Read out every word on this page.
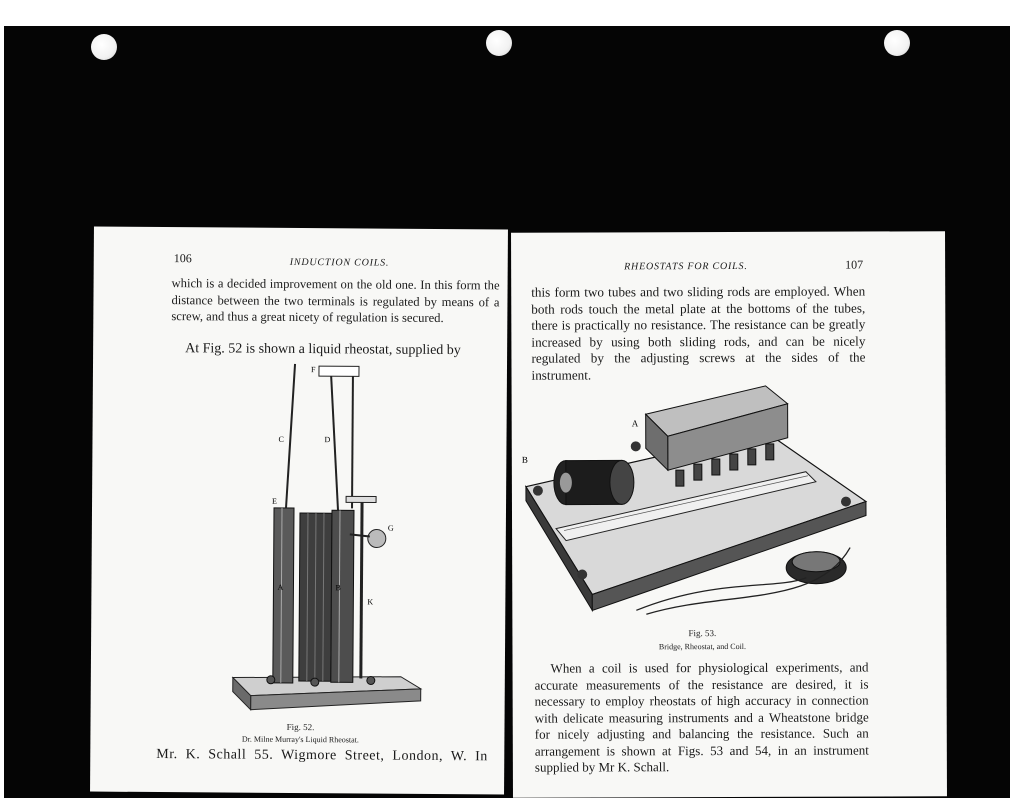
106	INDUCTION COILS.
which is a decided improvement on the old one. In this form the distance between the two terminals is regulated by means of a screw, and thus a great nicety of regulation is secured.
At Fig. 52 is shown a liquid rheostat, supplied by
F
C	D
E
A	B
G
K
Fig. 52.
Dr. Milne Murray's Liquid Rheostat.
Mr. K. Schall 55. Wigmore Street, London, W. In
RHEOSTATS FOR COILS.	107
this form two tubes and two sliding rods are employed. When both rods touch the metal plate at the bottoms of the tubes, there is practically no resistance. The resistance can be greatly increased by using both sliding rods, and can be nicely regulated by the adjusting screws at the sides of the instrument.
A
B
Fig. 53.
Bridge, Rheostat, and Coil.
When a coil is used for physiological experiments, and accurate measurements of the resistance are desired, it is necessary to employ rheostats of high accuracy in connection with delicate measuring instruments and a Wheatstone bridge for nicely adjusting and balancing the resistance. Such an arrangement is shown at Figs. 53 and 54, in an instrument supplied by Mr K. Schall.
